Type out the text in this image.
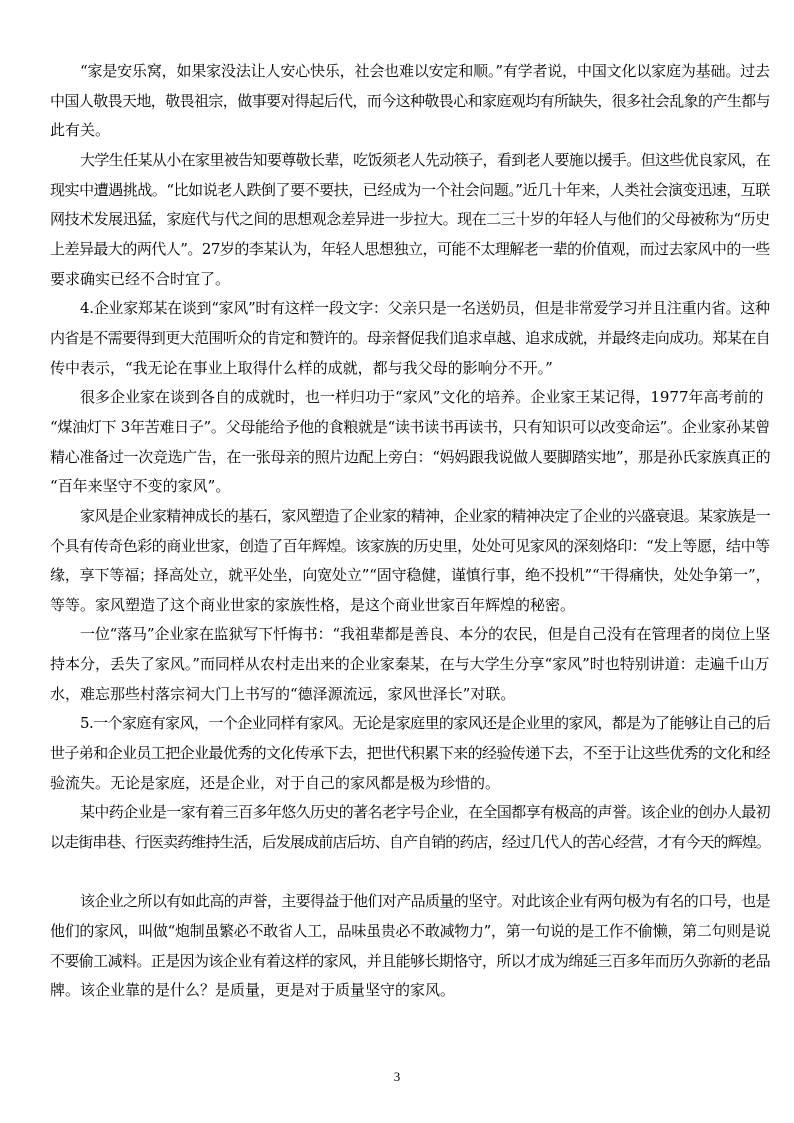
“家是安乐窝，如果家没法让人安心快乐，社会也难以安定和顺。”有学者说，中国文化以家庭为基础。过去
中国人敬畏天地，敬畏祖宗，做事要对得起后代，而今这种敬畏心和家庭观均有所缺失，很多社会乱象的产生都与
此有关。
大学生任某从小在家里被告知要尊敬长辈，吃饭须老人先动筷子，看到老人要施以援手。但这些优良家风，在
现实中遭遇挑战。“比如说老人跌倒了要不要扶，已经成为一个社会问题。”近几十年来，人类社会演变迅速，互联
网技术发展迅猛，家庭代与代之间的思想观念差异进一步拉大。现在二三十岁的年轻人与他们的父母被称为“历史
上差异最大的两代人”。27岁的李某认为，年轻人思想独立，可能不太理解老一辈的价值观，而过去家风中的一些
要求确实已经不合时宜了。
4.企业家郑某在谈到“家风”时有这样一段文字：父亲只是一名送奶员，但是非常爱学习并且注重内省。这种
内省是不需要得到更大范围听众的肯定和赞许的。母亲督促我们追求卓越、追求成就，并最终走向成功。郑某在自
传中表示，“我无论在事业上取得什么样的成就，都与我父母的影响分不开。”
很多企业家在谈到各自的成就时，也一样归功于“家风”文化的培养。企业家王某记得，1977年高考前的
“煤油灯下 3年苦难日子”。父母能给予他的食粮就是“读书读书再读书，只有知识可以改变命运”。企业家孙某曾
精心准备过一次竞选广告，在一张母亲的照片边配上旁白：“妈妈跟我说做人要脚踏实地”，那是孙氏家族真正的
“百年来坚守不变的家风”。
家风是企业家精神成长的基石，家风塑造了企业家的精神，企业家的精神决定了企业的兴盛衰退。某家族是一
个具有传奇色彩的商业世家，创造了百年辉煌。该家族的历史里，处处可见家风的深刻烙印：“发上等愿，结中等
缘，享下等福；择高处立，就平处坐，向宽处立”“固守稳健，谨慎行事，绝不投机”“干得痛快，处处争第一”，
等等。家风塑造了这个商业世家的家族性格，是这个商业世家百年辉煌的秘密。
一位“落马”企业家在监狱写下忏悔书：“我祖辈都是善良、本分的农民，但是自己没有在管理者的岗位上坚
持本分，丢失了家风。”而同样从农村走出来的企业家秦某，在与大学生分享“家风”时也特别讲道：走遍千山万
水，难忘那些村落宗祠大门上书写的“德泽源流远，家风世泽长”对联。
5.一个家庭有家风，一个企业同样有家风。无论是家庭里的家风还是企业里的家风，都是为了能够让自己的后
世子弟和企业员工把企业最优秀的文化传承下去，把世代积累下来的经验传递下去，不至于让这些优秀的文化和经
验流失。无论是家庭，还是企业，对于自己的家风都是极为珍惜的。
某中药企业是一家有着三百多年悠久历史的著名老字号企业，在全国都享有极高的声誉。该企业的创办人最初
以走街串巷、行医卖药维持生活，后发展成前店后坊、自产自销的药店，经过几代人的苦心经营，才有今天的辉煌。
该企业之所以有如此高的声誉，主要得益于他们对产品质量的坚守。对此该企业有两句极为有名的口号，也是
他们的家风，叫做“炮制虽繁必不敢省人工，品味虽贵必不敢减物力”，第一句说的是工作不偷懒，第二句则是说
不要偷工减料。正是因为该企业有着这样的家风，并且能够长期恪守，所以才成为绵延三百多年而历久弥新的老品
牌。该企业靠的是什么？是质量，更是对于质量坚守的家风。
3
